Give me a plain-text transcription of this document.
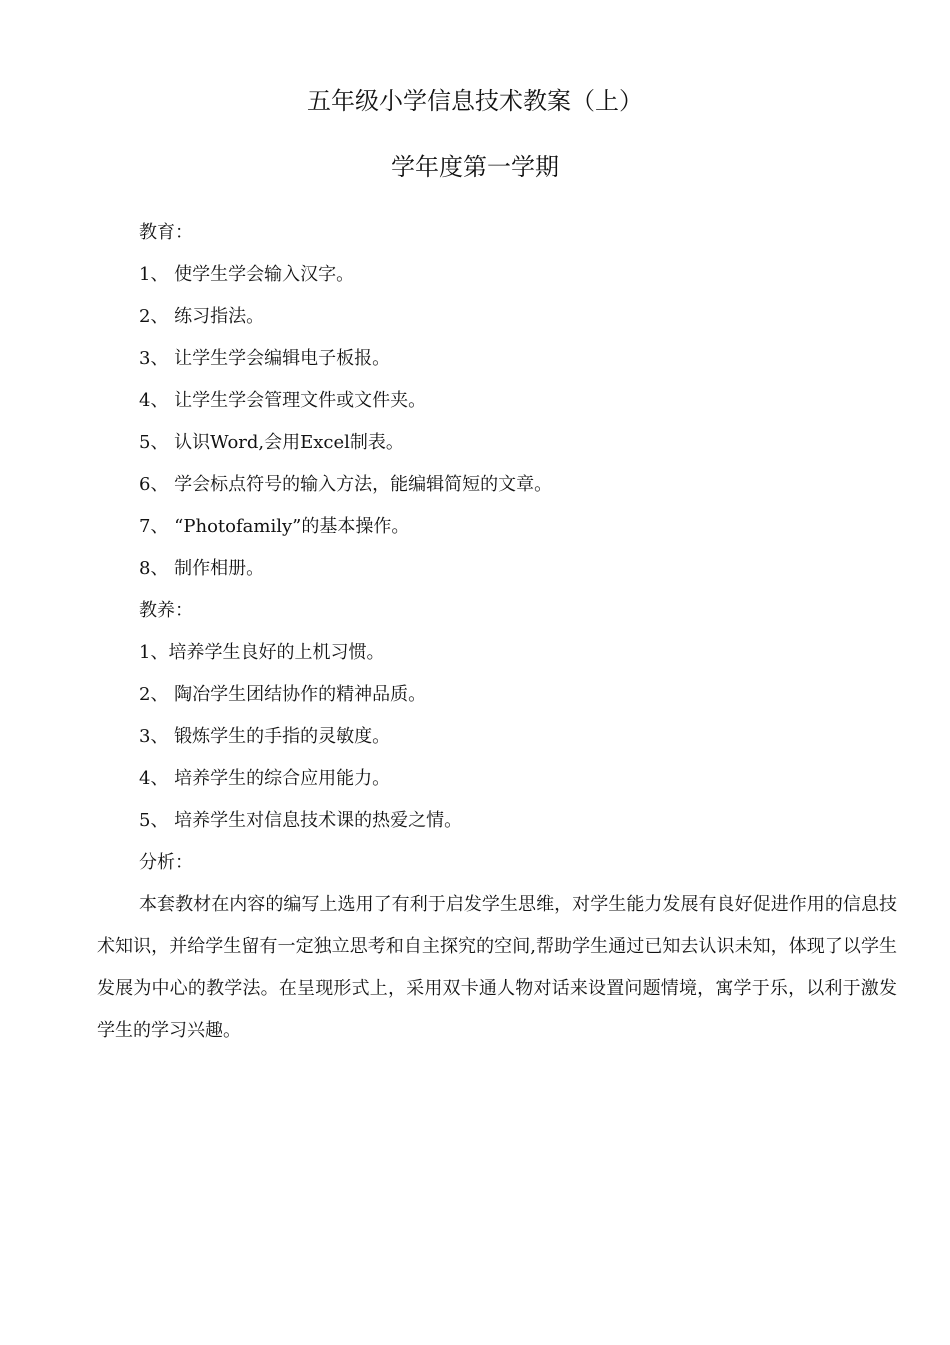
五年级小学信息技术教案（上）
学年度第一学期
教育：
1、 使学生学会输入汉字。
2、 练习指法。
3、 让学生学会编辑电子板报。
4、 让学生学会管理文件或文件夹。
5、 认识Word,会用Excel制表。
6、 学会标点符号的输入方法，能编辑简短的文章。
7、 “Photofamily”的基本操作。
8、 制作相册。
教养：
1、培养学生良好的上机习惯。
2、 陶冶学生团结协作的精神品质。
3、 锻炼学生的手指的灵敏度。
4、 培养学生的综合应用能力。
5、 培养学生对信息技术课的热爱之情。
分析：

本套教材在内容的编写上选用了有利于启发学生思维，对学生能力发展有良好促进作用的信息技术知识，并给学生留有一定独立思考和自主探究的空间,帮助学生通过已知去认识未知，体现了以学生发展为中心的教学法。在呈现形式上，采用双卡通人物对话来设置问题情境，寓学于乐，以利于激发学生的学习兴趣。
